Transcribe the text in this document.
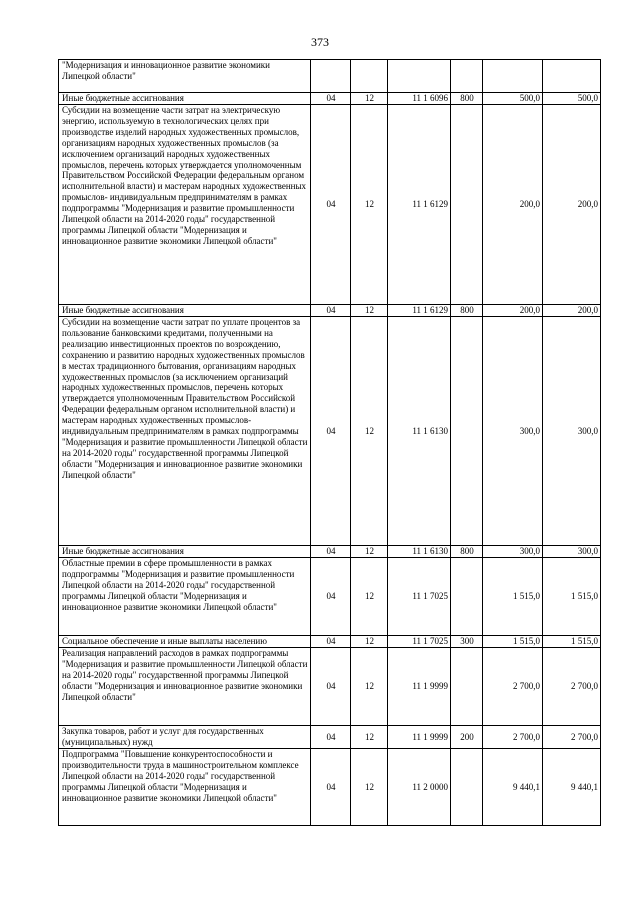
373
"Модернизация и инновационное развитие экономики Липецкой области"						
Иные бюджетные ассигнования	04	12	11 1 6096	800	500,0	500,0
Субсидии на возмещение части затрат на электрическую энергию, используемую в технологических целях при производстве изделий народных художественных промыслов, организациям народных художественных промыслов (за исключением организаций народных художественных промыслов, перечень которых утверждается уполномоченным Правительством Российской Федерации федеральным органом исполнительной власти) и мастерам народных художественных промыслов- индивидуальным предпринимателям в рамках подпрограммы "Модернизация и развитие промышленности Липецкой области на 2014-2020 годы" государственной программы Липецкой области "Модернизация и инновационное развитие экономики Липецкой области"	04	12	11 1 6129		200,0	200,0
Иные бюджетные ассигнования	04	12	11 1 6129	800	200,0	200,0
Субсидии на возмещение части затрат по уплате процентов за пользование банковскими кредитами, полученными на реализацию инвестиционных проектов по возрождению, сохранению и развитию народных художественных промыслов в местах традиционного бытования, организациям народных художественных промыслов (за исключением организаций народных художественных промыслов, перечень которых утверждается уполномоченным Правительством Российской Федерации федеральным органом исполнительной власти) и мастерам народных художественных промыслов- индивидуальным предпринимателям в рамках подпрограммы "Модернизация и развитие промышленности Липецкой области на 2014-2020 годы" государственной программы Липецкой области "Модернизация и инновационное развитие экономики Липецкой области"	04	12	11 1 6130		300,0	300,0
Иные бюджетные ассигнования	04	12	11 1 6130	800	300,0	300,0
Областные премии в сфере промышленности в рамках подпрограммы "Модернизация и развитие промышленности Липецкой области на 2014-2020 годы" государственной программы Липецкой области "Модернизация и инновационное развитие экономики Липецкой области"	04	12	11 1 7025		1 515,0	1 515,0
Социальное обеспечение и иные выплаты населению	04	12	11 1 7025	300	1 515,0	1 515,0
Реализация направлений расходов в рамках подпрограммы "Модернизация и развитие промышленности Липецкой области на 2014-2020 годы" государственной программы Липецкой области "Модернизация и инновационное развитие экономики Липецкой области"	04	12	11 1 9999		2 700,0	2 700,0
Закупка товаров, работ и услуг для государственных (муниципальных) нужд	04	12	11 1 9999	200	2 700,0	2 700,0
Подпрограмма "Повышение конкурентоспособности и производительности труда в машиностроительном комплексе Липецкой области на 2014-2020 годы" государственной программы Липецкой области "Модернизация и инновационное развитие экономики Липецкой области"	04	12	11 2 0000		9 440,1	9 440,1
